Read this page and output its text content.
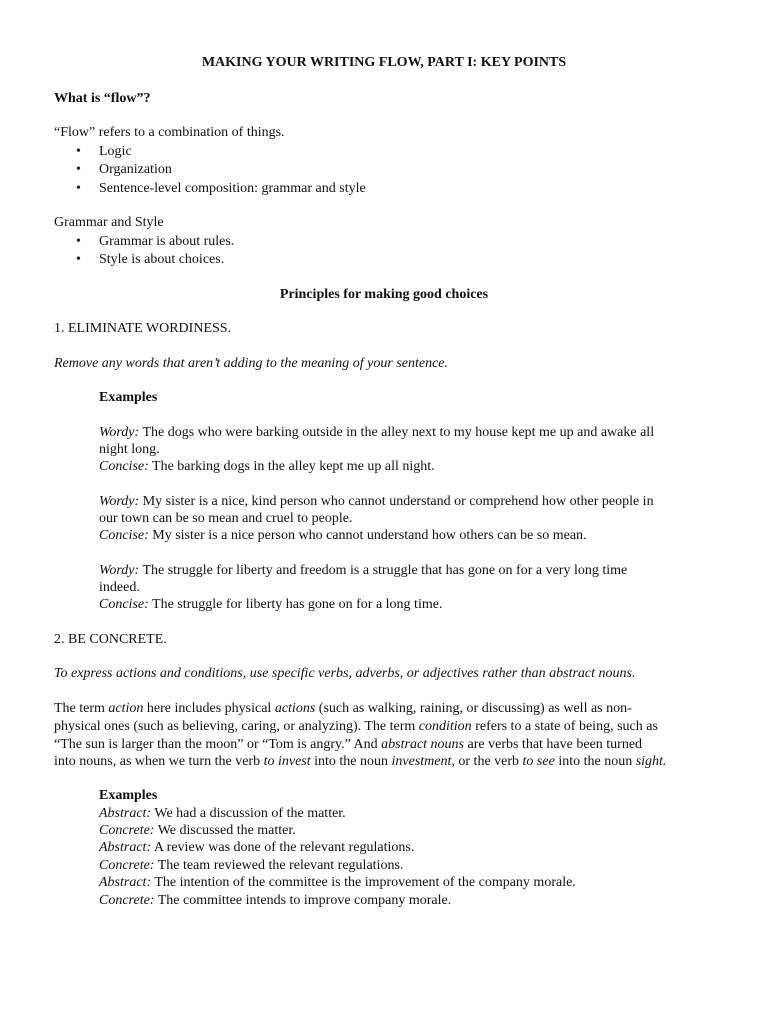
MAKING YOUR WRITING FLOW, PART I: KEY POINTS
What is “flow”?
“Flow” refers to a combination of things.
• Logic
• Organization
• Sentence-level composition: grammar and style
Grammar and Style
• Grammar is about rules.
• Style is about choices.
Principles for making good choices
1. ELIMINATE WORDINESS.
Remove any words that aren’t adding to the meaning of your sentence.
Examples
Wordy: The dogs who were barking outside in the alley next to my house kept me up and awake all
night long.
Concise: The barking dogs in the alley kept me up all night.
Wordy: My sister is a nice, kind person who cannot understand or comprehend how other people in
our town can be so mean and cruel to people.
Concise: My sister is a nice person who cannot understand how others can be so mean.
Wordy: The struggle for liberty and freedom is a struggle that has gone on for a very long time
indeed.
Concise: The struggle for liberty has gone on for a long time.
2. BE CONCRETE.
To express actions and conditions, use specific verbs, adverbs, or adjectives rather than abstract nouns.
The term action here includes physical actions (such as walking, raining, or discussing) as well as non-
physical ones (such as believing, caring, or analyzing). The term condition refers to a state of being, such as
“The sun is larger than the moon” or “Tom is angry.” And abstract nouns are verbs that have been turned
into nouns, as when we turn the verb to invest into the noun investment, or the verb to see into the noun sight.
Examples
Abstract: We had a discussion of the matter.
Concrete: We discussed the matter.
Abstract: A review was done of the relevant regulations.
Concrete: The team reviewed the relevant regulations.
Abstract: The intention of the committee is the improvement of the company morale.
Concrete: The committee intends to improve company morale.
